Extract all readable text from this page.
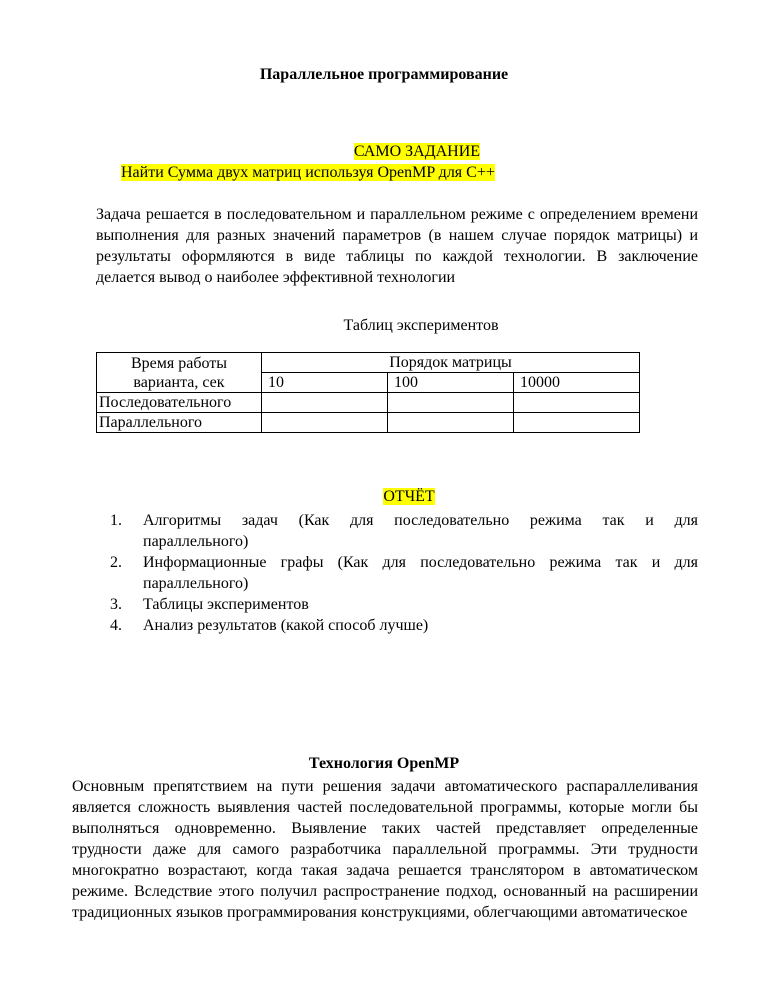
Параллельное программирование
САМО ЗАДАНИЕ
Найти Сумма двух матриц используя OpenMP для С++
Задача решается в последовательном и параллельном режиме с определением времени выполнения для разных значений параметров (в нашем случае порядок матрицы) и результаты оформляются в виде таблицы по каждой технологии. В заключение делается вывод о наиболее эффективной технологии
Таблиц экспериментов
Время работы
варианта, сек	Порядок матрицы		
	10	100	10000
Последовательного			
Параллельного			
ОТЧЁТ
1. Алгоритмы задач (Как для последовательно режима так и для параллельного)
2. Информационные графы (Как для последовательно режима так и для параллельного)
3. Таблицы экспериментов
4. Анализ результатов (какой способ лучше)
Технология OpenMP
Основным препятствием на пути решения задачи автоматического распараллеливания является сложность выявления частей последовательной программы, которые могли бы выполняться одновременно. Выявление таких частей представляет определенные трудности даже для самого разработчика параллельной программы. Эти трудности многократно возрастают, когда такая задача решается транслятором в автоматическом режиме. Вследствие этого получил распространение подход, основанный на расширении традиционных языков программирования конструкциями, облегчающими автоматическое
